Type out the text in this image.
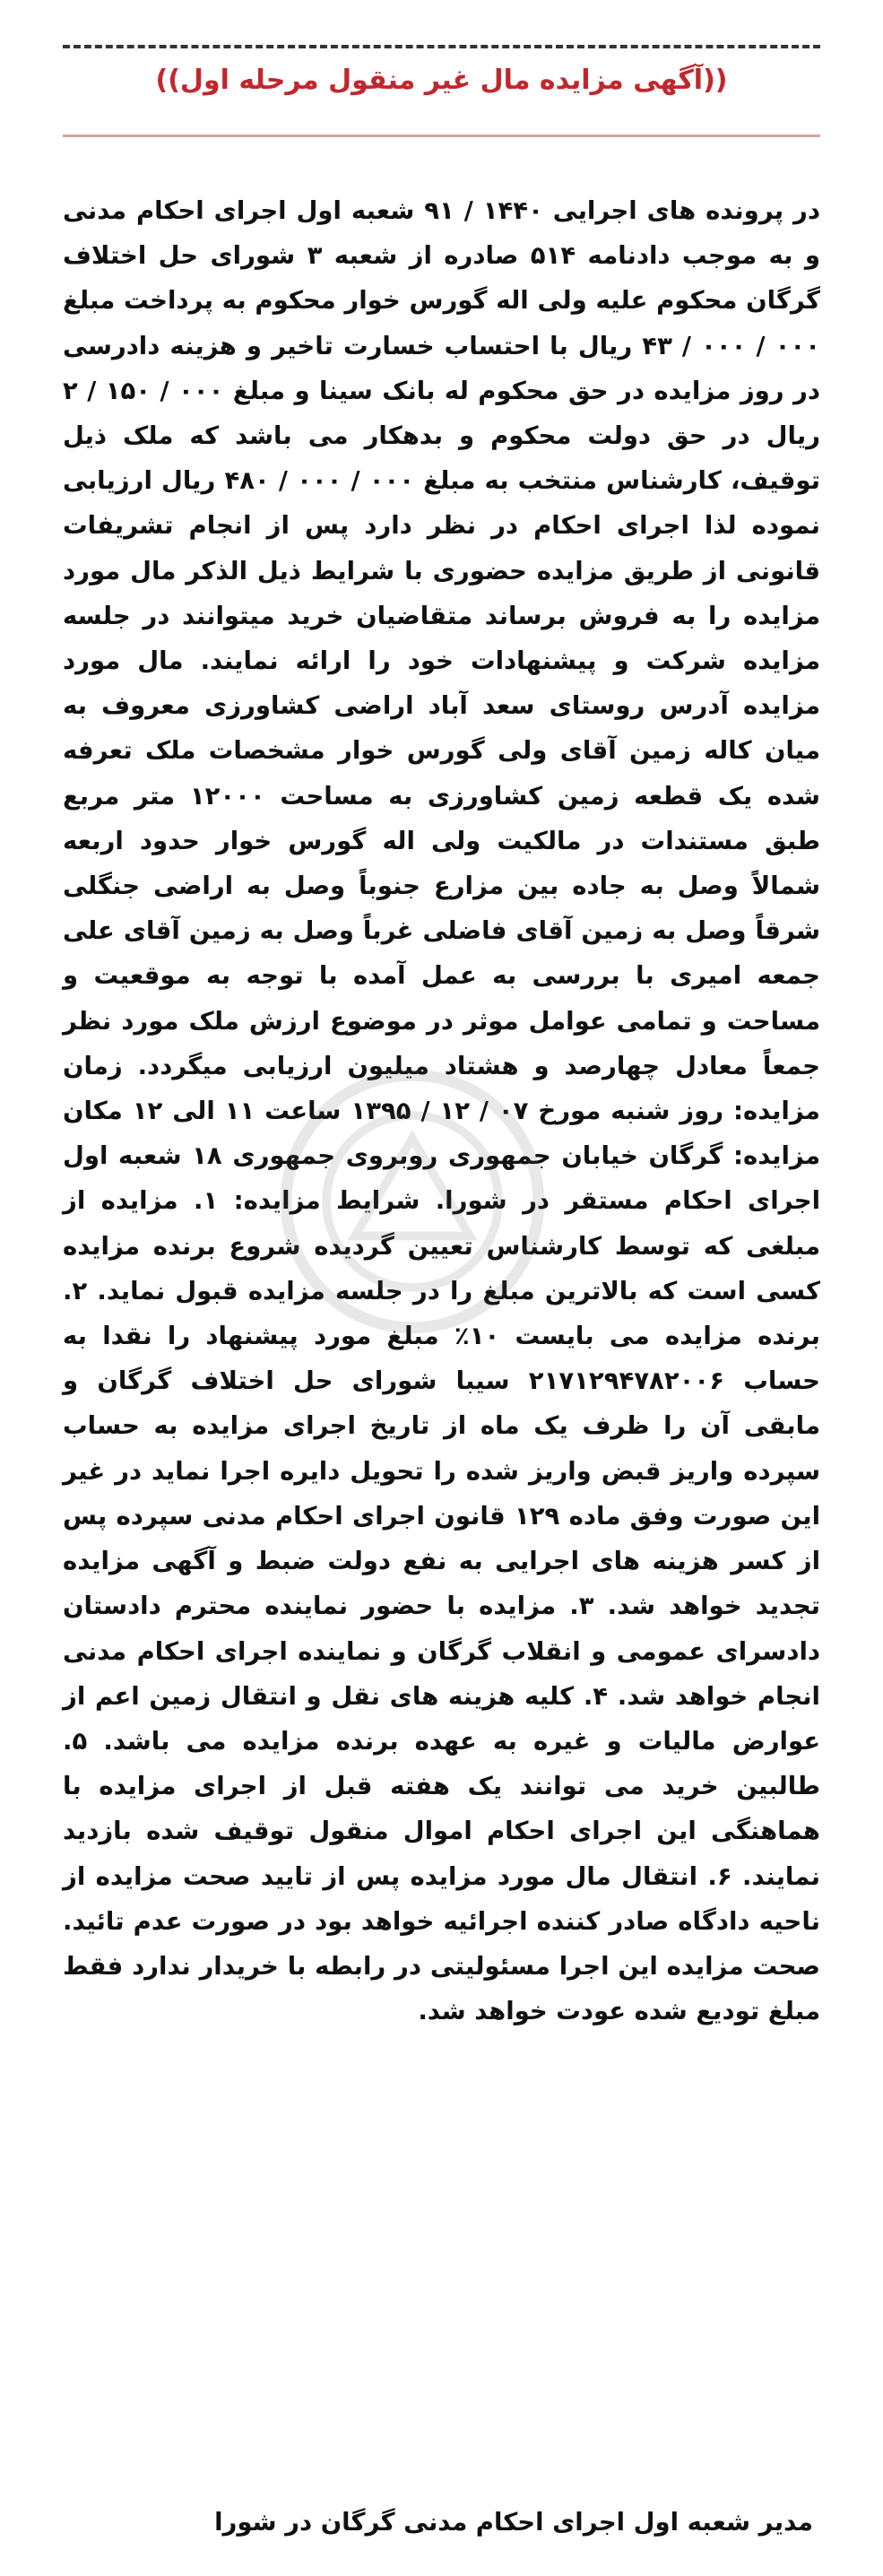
((آگهی مزایده مال غیر منقول مرحله اول))
در پرونده های اجرایی ۱۴۴۰ / ۹۱ شعبه اول اجرای احکام مدنی و به موجب دادنامه ۵۱۴ صادره از شعبه ۳ شورای حل اختلاف گرگان محکوم علیه ولی اله گورس خوار محکوم به پرداخت مبلغ ۰۰۰ / ۰۰۰ / ۴۳ ریال با احتساب خسارت تاخیر و هزینه دادرسی در روز مزایده در حق محکوم له بانک سینا و مبلغ ۰۰۰ / ۱۵۰ / ۲ ریال در حق دولت محکوم و بدهکار می باشد که ملک ذیل توقیف، کارشناس منتخب به مبلغ ۰۰۰ / ۰۰۰ / ۴۸۰ ریال ارزیابی نموده لذا اجرای احکام در نظر دارد پس از انجام تشریفات قانونی از طریق مزایده حضوری با شرایط ذیل الذکر مال مورد مزایده را به فروش برساند متقاضیان خرید میتوانند در جلسه مزایده شرکت و پیشنهادات خود را ارائه نمایند. مال مورد مزایده آدرس روستای سعد آباد اراضی کشاورزی معروف به میان کاله زمین آقای ولی گورس خوار مشخصات ملک تعرفه شده یک قطعه زمین کشاورزی به مساحت ۱۲۰۰۰ متر مربع طبق مستندات در مالکیت ولی اله گورس خوار حدود اربعه شمالاً وصل به جاده بین مزارع جنوباً وصل به اراضی جنگلی شرقاً وصل به زمین آقای فاضلی غرباً وصل به زمین آقای علی جمعه امیری با بررسی به عمل آمده با توجه به موقعیت و مساحت و تمامی عوامل موثر در موضوع ارزش ملک مورد نظر جمعاً معادل چهارصد و هشتاد میلیون ارزیابی میگردد. زمان مزایده: روز شنبه مورخ ۰۷ / ۱۲ / ۱۳۹۵ ساعت ۱۱ الی ۱۲ مکان مزایده: گرگان خیابان جمهوری روبروی جمهوری ۱۸ شعبه اول اجرای احکام مستقر در شورا. شرایط مزایده: ۱. مزایده از مبلغی که توسط کارشناس تعیین گردیده شروع برنده مزایده کسی است که بالاترین مبلغ را در جلسه مزایده قبول نماید. ۲. برنده مزایده می بایست ۱۰٪ مبلغ مورد پیشنهاد را نقدا به حساب ۲۱۷۱۲۹۴۷۸۲۰۰۶ سیبا شورای حل اختلاف گرگان و مابقی آن را ظرف یک ماه از تاریخ اجرای مزایده به حساب سپرده واریز قبض واریز شده را تحویل دایره اجرا نماید در غیر این صورت وفق ماده ۱۲۹ قانون اجرای احکام مدنی سپرده پس از کسر هزینه های اجرایی به نفع دولت ضبط و آگهی مزایده تجدید خواهد شد. ۳. مزایده با حضور نماینده محترم دادستان دادسرای عمومی و انقلاب گرگان و نماینده اجرای احکام مدنی انجام خواهد شد. ۴. کلیه هزینه های نقل و انتقال زمین اعم از عوارض مالیات و غیره به عهده برنده مزایده می باشد. ۵. طالبین خرید می توانند یک هفته قبل از اجرای مزایده با هماهنگی این اجرای احکام اموال منقول توقیف شده بازدید نمایند. ۶. انتقال مال مورد مزایده پس از تایید صحت مزایده از ناحیه دادگاه صادر کننده اجرائیه خواهد بود در صورت عدم تائید. صحت مزایده این اجرا مسئولیتی در رابطه با خریدار ندارد فقط مبلغ تودیع شده عودت خواهد شد.
مدیر شعبه اول اجرای احکام مدنی گرگان در شورا
